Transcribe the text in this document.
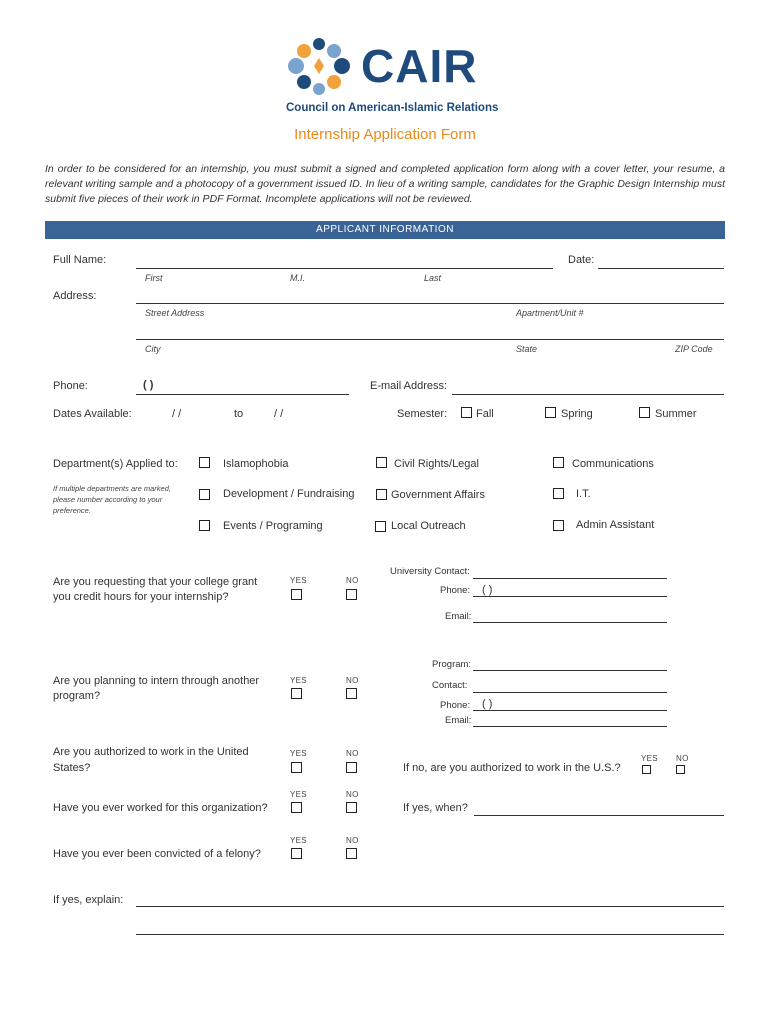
CAIR
Council on American-Islamic Relations
Internship Application Form
In order to be considered for an internship, you must submit a signed and completed application form along with a cover letter, your resume, a relevant writing sample and a photocopy of a government issued ID. In lieu of a writing sample, candidates for the Graphic Design Internship must submit five pieces of their work in PDF Format. Incomplete applications will not be reviewed.
APPLICANT INFORMATION
Full Name:	Date:
First	M.I.	Last
Address:
Street Address	Apartment/Unit #
City	State	ZIP Code
Phone:	( )	E-mail Address:
Dates Available:	/ /	to	/ /	Semester:	Fall	Spring	Summer
Department(s) Applied to:
If multiple departments are marked,
please number according to your
preference.
Islamophobia	Civil Rights/Legal	Communications
Development / Fundraising	Government Affairs	I.T.
Events / Programing	Local Outreach	Admin Assistant
Are you requesting that your college grant
you credit hours for your internship?
YES	NO
University Contact:
Phone: ( )
Email:
Program:
Are you planning to intern through another
program?
YES	NO	Contact:
Phone: ( )
Email:
Are you authorized to work in the United
States?
YES	NO
If no, are you authorized to work in the U.S.?
YES NO
Have you ever worked for this organization?
YES	NO
If yes, when?
Have you ever been convicted of a felony?
YES	NO
If yes, explain:
